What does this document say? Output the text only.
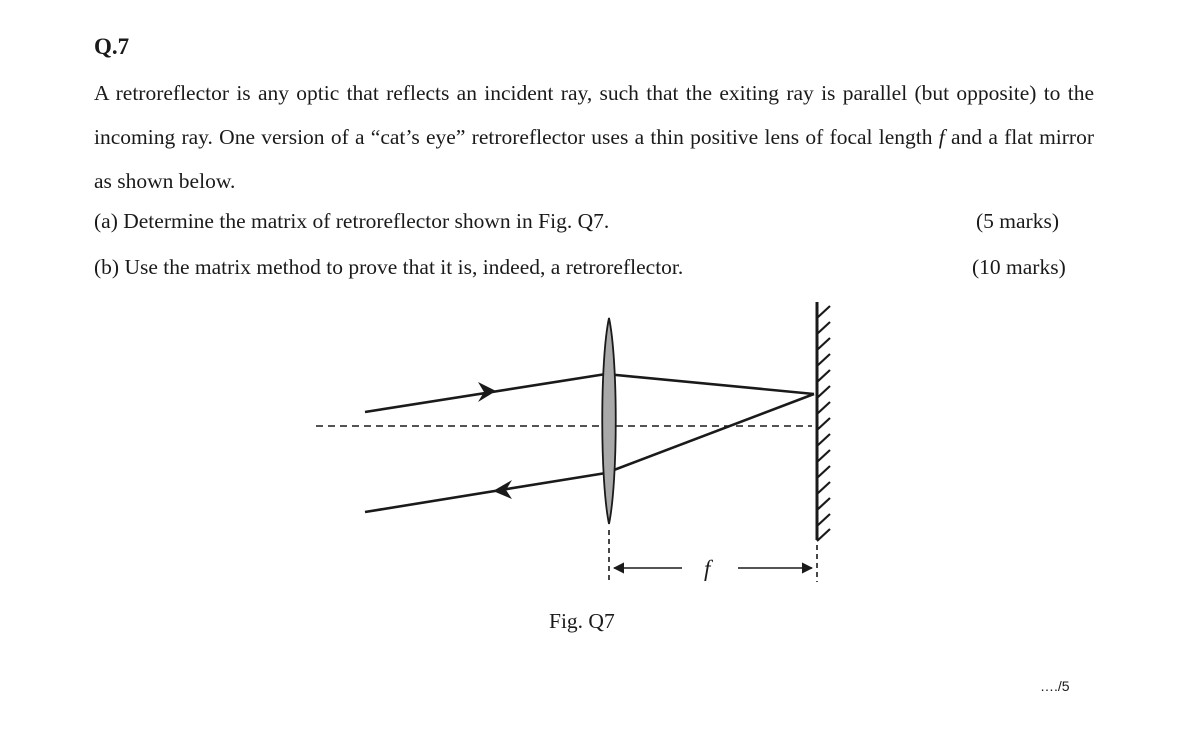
Q.7

A retroreflector is any optic that reflects an incident ray, such that the exiting ray is parallel (but opposite) to the incoming ray. One version of a “cat’s eye” retroreflector uses a thin positive lens of focal length f and a flat mirror as shown below.

(a) Determine the matrix of retroreflector shown in Fig. Q7.	(5 marks)

(b) Use the matrix method to prove that it is, indeed, a retroreflector.	(10 marks)

f

Fig. Q7

…./5
